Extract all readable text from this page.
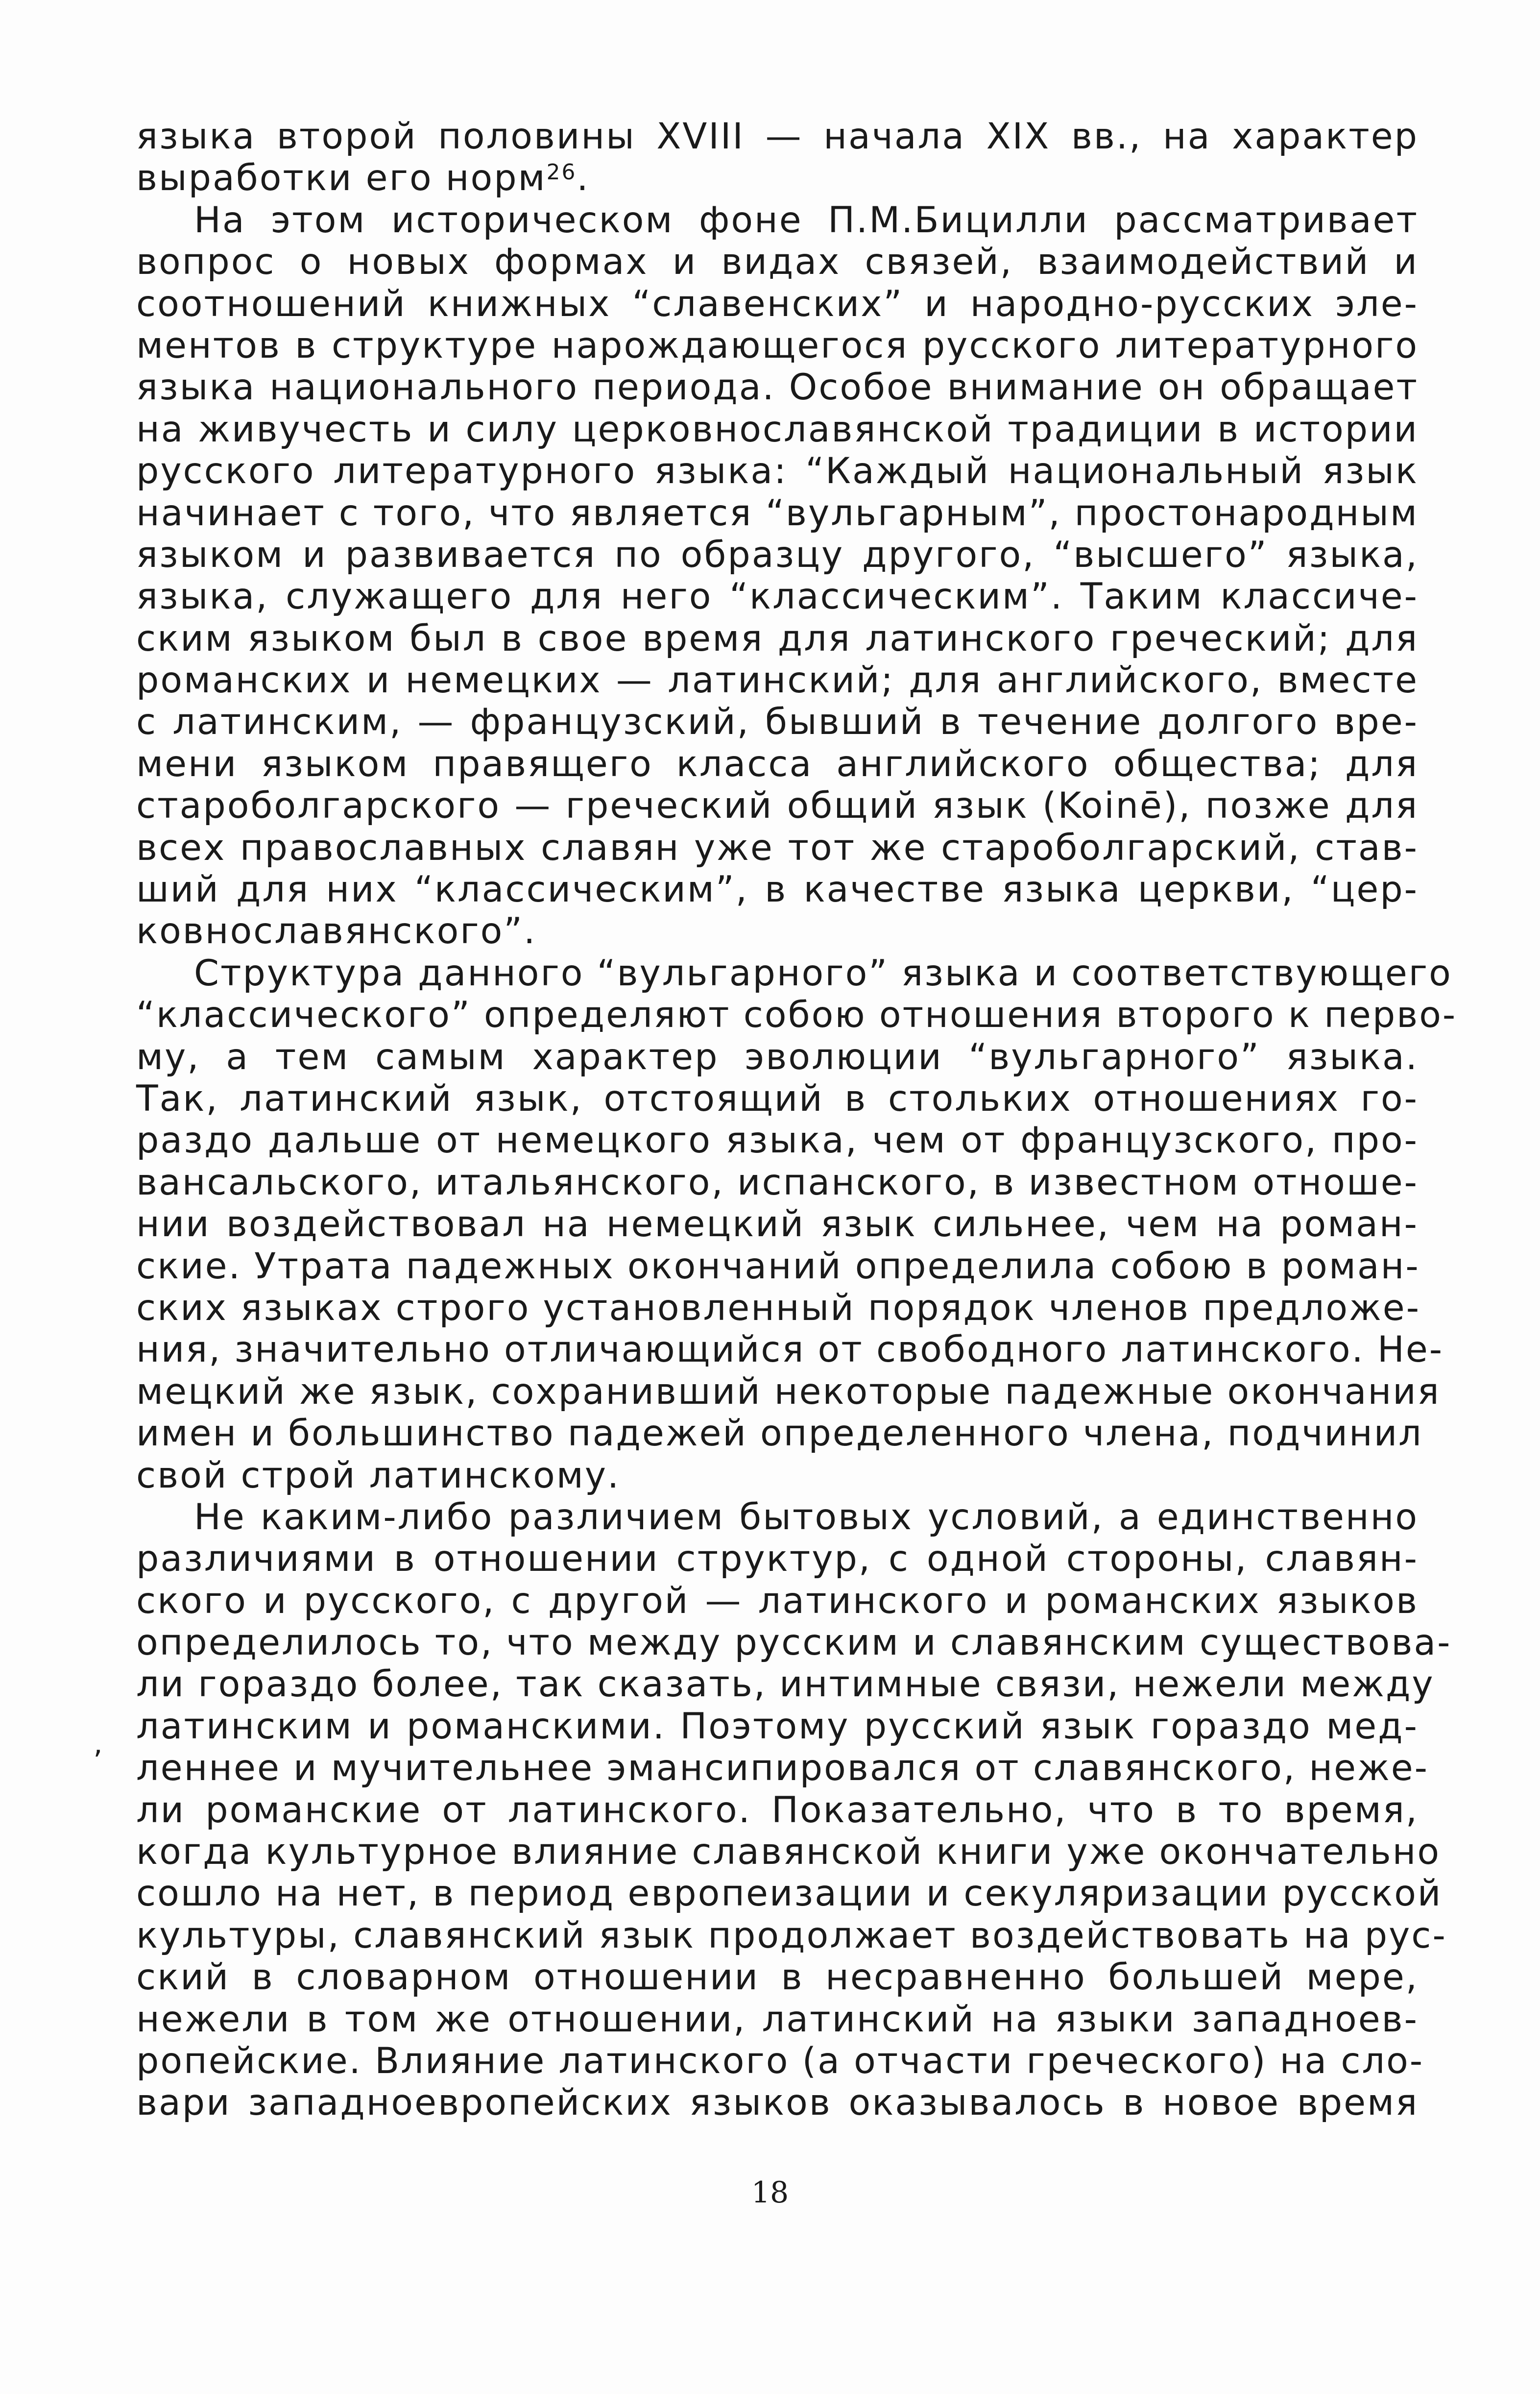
языка второй половины XVIII — начала XIX вв., на характер
выработки его норм$^{26}$.
На этом историческом фоне П.М.Бицилли рассматривает
вопрос о новых формах и видах связей, взаимодействий и
соотношений книжных “славенских” и народно-русских эле-
ментов в структуре нарождающегося русского литературного
языка национального периода. Особое внимание он обращает
на живучесть и силу церковнославянской традиции в истории
русского литературного языка: “Каждый национальный язык
начинает с того, что является “вульгарным”, простонародным
языком и развивается по образцу другого, “высшего” языка,
языка, служащего для него “классическим”. Таким классиче-
ским языком был в свое время для латинского греческий; для
романских и немецких — латинский; для английского, вместе
с латинским, — французский, бывший в течение долгого вре-
мени языком правящего класса английского общества; для
староболгарского — греческий общий язык (Koinē), позже для
всех православных славян уже тот же староболгарский, став-
ший для них “классическим”, в качестве языка церкви, “цер-
ковнославянского”.
Структура данного “вульгарного” языка и соответствующего
“классического” определяют собою отношения второго к перво-
му, а тем самым характер эволюции “вульгарного” языка.
Так, латинский язык, отстоящий в стольких отношениях го-
раздо дальше от немецкого языка, чем от французского, про-
вансальского, итальянского, испанского, в известном отноше-
нии воздействовал на немецкий язык сильнее, чем на роман-
ские. Утрата падежных окончаний определила собою в роман-
ских языках строго установленный порядок членов предложе-
ния, значительно отличающийся от свободного латинского. Не-
мецкий же язык, сохранивший некоторые падежные окончания
имен и большинство падежей определенного члена, подчинил
свой строй латинскому.
Не каким-либо различием бытовых условий, а единственно
различиями в отношении структур, с одной стороны, славян-
ского и русского, с другой — латинского и романских языков
определилось то, что между русским и славянским существова-
ли гораздо более, так сказать, интимные связи, нежели между
латинским и романскими. Поэтому русский язык гораздо мед-
леннее и мучительнее эмансипировался от славянского, неже-
ли романские от латинского. Показательно, что в то время,
когда культурное влияние славянской книги уже окончательно
сошло на нет, в период европеизации и секуляризации русской
культуры, славянский язык продолжает воздействовать на рус-
ский в словарном отношении в несравненно большей мере,
нежели в том же отношении, латинский на языки западноев-
ропейские. Влияние латинского (а отчасти греческого) на сло-
вари западноевропейских языков оказывалось в новое время
ʼ
18
